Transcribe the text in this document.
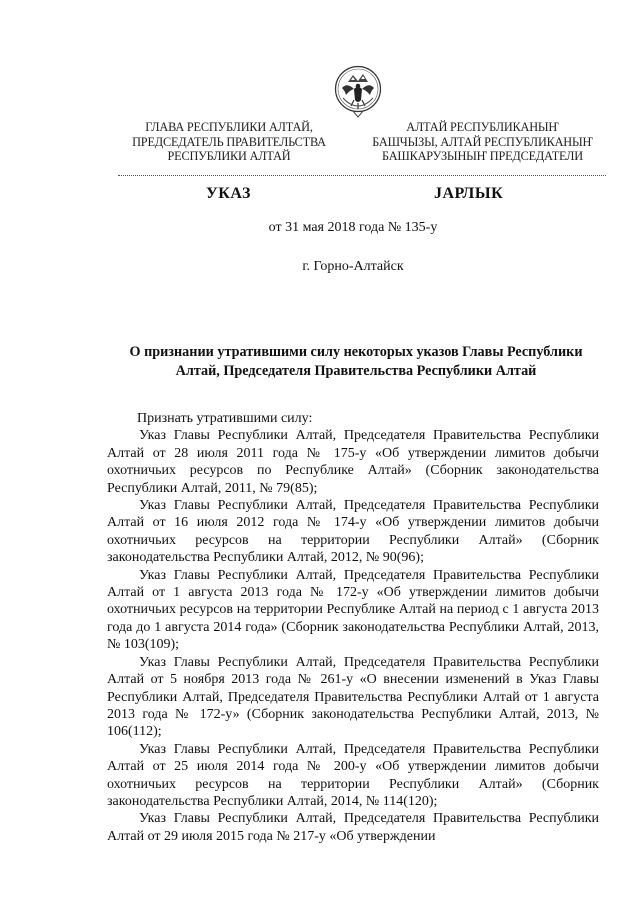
ГЛАВА РЕСПУБЛИКИ АЛТАЙ,
ПРЕДСЕДАТЕЛЬ ПРАВИТЕЛЬСТВА
РЕСПУБЛИКИ АЛТАЙ
АЛТАЙ РЕСПУБЛИКАНЫҤ
БАШЧЫЗЫ, АЛТАЙ РЕСПУБЛИКАНЫҤ
БАШКАРУЗЫНЫҤ ПРЕДСЕДАТЕЛИ
УКАЗ	ЈАРЛЫК
от 31 мая 2018 года № 135-у
г. Горно-Алтайск
О признании утратившими силу некоторых указов Главы Республики Алтай, Председателя Правительства Республики Алтай

Признать утратившими силу:

Указ Главы Республики Алтай, Председателя Правительства Республики Алтай от 28 июля 2011 года № 175-у «Об утверждении лимитов добычи охотничьих ресурсов по Республике Алтай» (Сборник законодательства Республики Алтай, 2011, № 79(85);

Указ Главы Республики Алтай, Председателя Правительства Республики Алтай от 16 июля 2012 года № 174-у «Об утверждении лимитов добычи охотничьих ресурсов на территории Республики Алтай» (Сборник законодательства Республики Алтай, 2012, № 90(96);

Указ Главы Республики Алтай, Председателя Правительства Республики Алтай от 1 августа 2013 года № 172-у «Об утверждении лимитов добычи охотничьих ресурсов на территории Республике Алтай на период с 1 августа 2013 года до 1 августа 2014 года» (Сборник законодательства Республики Алтай, 2013, № 103(109);

Указ Главы Республики Алтай, Председателя Правительства Республики Алтай от 5 ноября 2013 года № 261-у «О внесении изменений в Указ Главы Республики Алтай, Председателя Правительства Республики Алтай от 1 августа 2013 года № 172-у» (Сборник законодательства Республики Алтай, 2013, № 106(112);

Указ Главы Республики Алтай, Председателя Правительства Республики Алтай от 25 июля 2014 года № 200-у «Об утверждении лимитов добычи охотничьих ресурсов на территории Республики Алтай» (Сборник законодательства Республики Алтай, 2014, № 114(120);

Указ Главы Республики Алтай, Председателя Правительства Республики Алтай от 29 июля 2015 года № 217-у «Об утверждении
